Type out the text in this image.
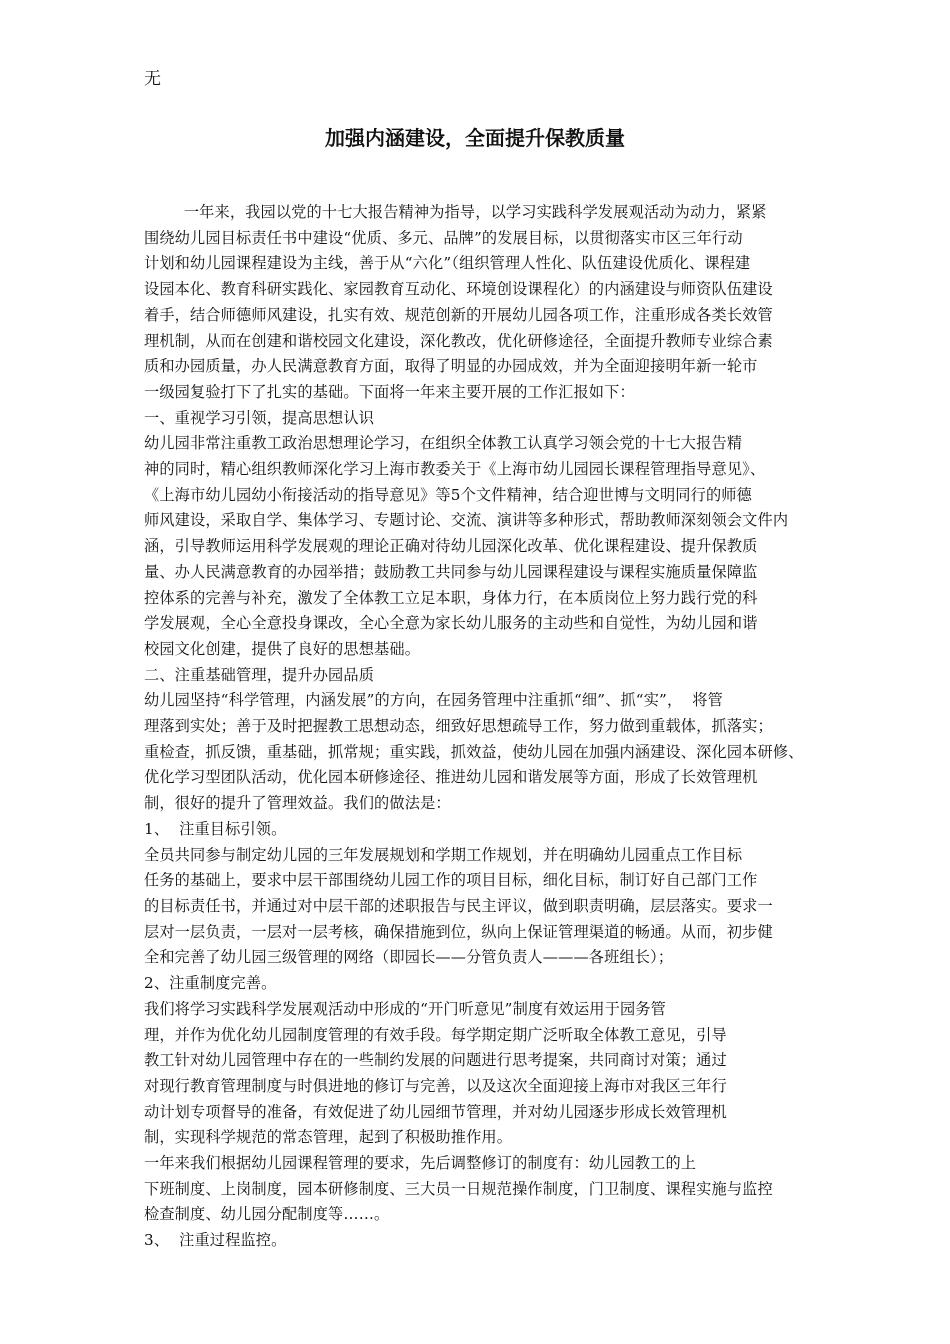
无
加强内涵建设，全面提升保教质量
一年来，我园以党的十七大报告精神为指导，以学习实践科学发展观活动为动力，紧紧
围绕幼儿园目标责任书中建设“优质、多元、品牌”的发展目标，以贯彻落实市区三年行动
计划和幼儿园课程建设为主线，善于从“六化”（组织管理人性化、队伍建设优质化、课程建
设园本化、教育科研实践化、家园教育互动化、环境创设课程化）的内涵建设与师资队伍建设
着手，结合师德师风建设，扎实有效、规范创新的开展幼儿园各项工作，注重形成各类长效管
理机制，从而在创建和谐校园文化建设，深化教改，优化研修途径，全面提升教师专业综合素
质和办园质量，办人民满意教育方面，取得了明显的办园成效，并为全面迎接明年新一轮市
一级园复验打下了扎实的基础。下面将一年来主要开展的工作汇报如下：
一、重视学习引领，提高思想认识
幼儿园非常注重教工政治思想理论学习，在组织全体教工认真学习领会党的十七大报告精
神的同时，精心组织教师深化学习上海市教委关于《上海市幼儿园园长课程管理指导意见》、
《上海市幼儿园幼小衔接活动的指导意见》等5个文件精神，结合迎世博与文明同行的师德
师风建设，采取自学、集体学习、专题讨论、交流、演讲等多种形式，帮助教师深刻领会文件内
涵，引导教师运用科学发展观的理论正确对待幼儿园深化改革、优化课程建设、提升保教质
量、办人民满意教育的办园举措；鼓励教工共同参与幼儿园课程建设与课程实施质量保障监
控体系的完善与补充，激发了全体教工立足本职，身体力行，在本质岗位上努力践行党的科
学发展观，全心全意投身课改，全心全意为家长幼儿服务的主动些和自觉性，为幼儿园和谐
校园文化创建，提供了良好的思想基础。
二、注重基础管理，提升办园品质
幼儿园坚持“科学管理，内涵发展”的方向，在园务管理中注重抓“细”、抓“实”，  将管
理落到实处；善于及时把握教工思想动态，细致好思想疏导工作，努力做到重载体，抓落实；
重检查，抓反馈，重基础，抓常规；重实践，抓效益，使幼儿园在加强内涵建设、深化园本研修、
优化学习型团队活动，优化园本研修途径、推进幼儿园和谐发展等方面，形成了长效管理机
制，很好的提升了管理效益。我们的做法是：
1、  注重目标引领。
全员共同参与制定幼儿园的三年发展规划和学期工作规划，并在明确幼儿园重点工作目标
任务的基础上，要求中层干部围绕幼儿园工作的项目目标，细化目标，制订好自己部门工作
的目标责任书，并通过对中层干部的述职报告与民主评议，做到职责明确，层层落实。要求一
层对一层负责，一层对一层考核，确保措施到位，纵向上保证管理渠道的畅通。从而，初步健
全和完善了幼儿园三级管理的网络（即园长——分管负责人———各班组长）；
2、注重制度完善。
我们将学习实践科学发展观活动中形成的“开门听意见”制度有效运用于园务管
理，并作为优化幼儿园制度管理的有效手段。每学期定期广泛听取全体教工意见，引导
教工针对幼儿园管理中存在的一些制约发展的问题进行思考提案，共同商讨对策；通过
对现行教育管理制度与时俱进地的修订与完善，以及这次全面迎接上海市对我区三年行
动计划专项督导的准备，有效促进了幼儿园细节管理，并对幼儿园逐步形成长效管理机
制，实现科学规范的常态管理，起到了积极助推作用。
一年来我们根据幼儿园课程管理的要求，先后调整修订的制度有：幼儿园教工的上
下班制度、上岗制度，园本研修制度、三大员一日规范操作制度，门卫制度、课程实施与监控
检查制度、幼儿园分配制度等……。
3、  注重过程监控。
